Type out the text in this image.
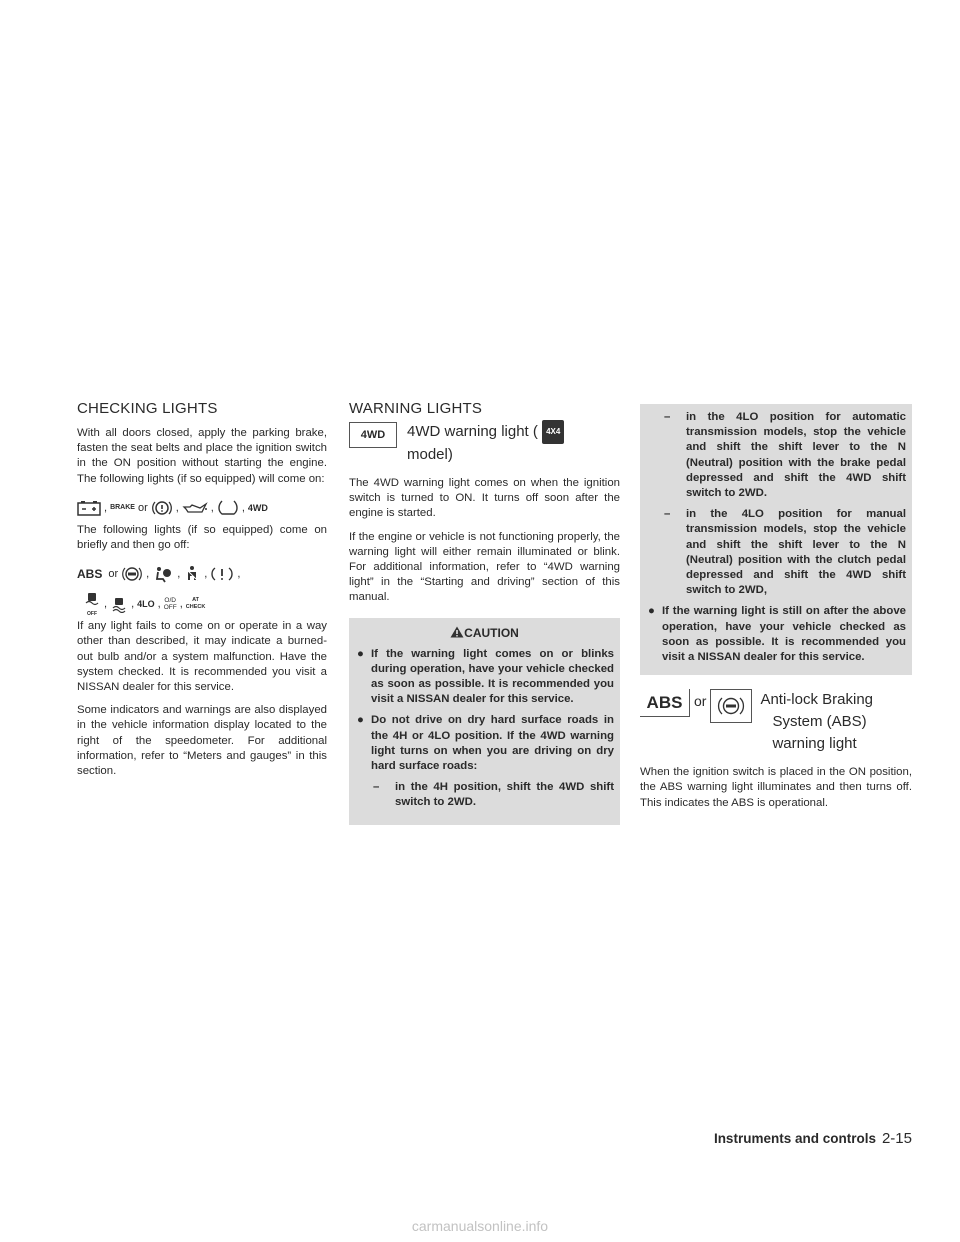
CHECKING LIGHTS

With all doors closed, apply the parking brake, fasten the seat belts and place the ignition switch in the ON position without starting the engine. The following lights (if so equipped) will come on:

, BRAKE or	,	,	, 4WD

The following lights (if so equipped) come on briefly and then go off:

ABS or	,	, ,	,
OFF
, , 4LO , O/D
OFF ,	AT
CHECK

If any light fails to come on or operate in a way other than described, it may indicate a burned-out bulb and/or a system malfunction. Have the system checked. It is recommended you visit a NISSAN dealer for this service.

Some indicators and warnings are also displayed in the vehicle information display located to the right of the speedometer. For additional information, refer to “Meters and gauges” in this section.

WARNING LIGHTS
4WD	4WD warning light ( 4X4
model)

The 4WD warning light comes on when the ignition switch is turned to ON. It turns off soon after the engine is started.

If the engine or vehicle is not functioning properly, the warning light will either remain illuminated or blink. For additional information, refer to “4WD warning light” in the “Starting and driving” section of this manual.

CAUTION
● If the warning light comes on or blinks during operation, have your vehicle checked as soon as possible. It is recommended you visit a NISSAN dealer for this service.
● Do not drive on dry hard surface roads in the 4H or 4LO position. If the 4WD warning light turns on when you are driving on dry hard surface roads:
– in the 4H position, shift the 4WD shift switch to 2WD.
– in the 4LO position for automatic transmission models, stop the vehicle and shift the shift lever to the N (Neutral) position with the brake pedal depressed and shift the 4WD shift switch to 2WD.
– in the 4LO position for manual transmission models, stop the vehicle and shift the shift lever to the N (Neutral) position with the clutch pedal depressed and shift the 4WD shift switch to 2WD,
● If the warning light is still on after the above operation, have your vehicle checked as soon as possible. It is recommended you visit a NISSAN dealer for this service.
ABS or	Anti-lock Braking
System (ABS)
warning light

When the ignition switch is placed in the ON position, the ABS warning light illuminates and then turns off. This indicates the ABS is operational.

Instruments and controls 2-15
carmanualsonline.info
